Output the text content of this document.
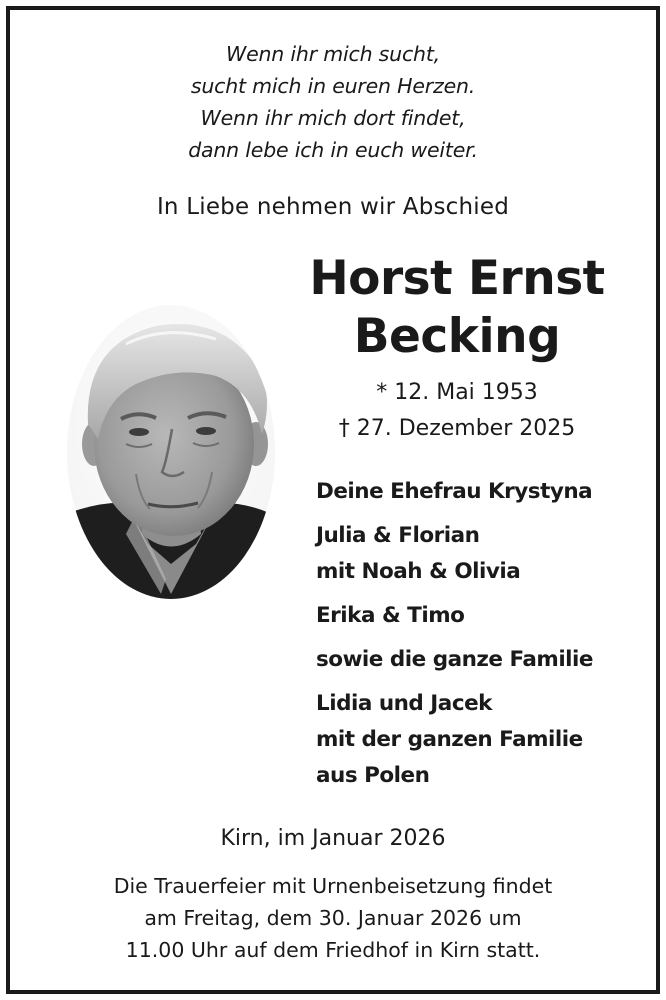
Wenn ihr mich sucht,
sucht mich in euren Herzen.
Wenn ihr mich dort findet,
dann lebe ich in euch weiter.
In Liebe nehmen wir Abschied
Horst Ernst
Becking
* 12. Mai 1953
† 27. Dezember 2025
Deine Ehefrau Krystyna
Julia & Florian
mit Noah & Olivia
Erika & Timo
sowie die ganze Familie
Lidia und Jacek
mit der ganzen Familie
aus Polen
Kirn, im Januar 2026
Die Trauerfeier mit Urnenbeisetzung findet
am Freitag, dem 30. Januar 2026 um
11.00 Uhr auf dem Friedhof in Kirn statt.
